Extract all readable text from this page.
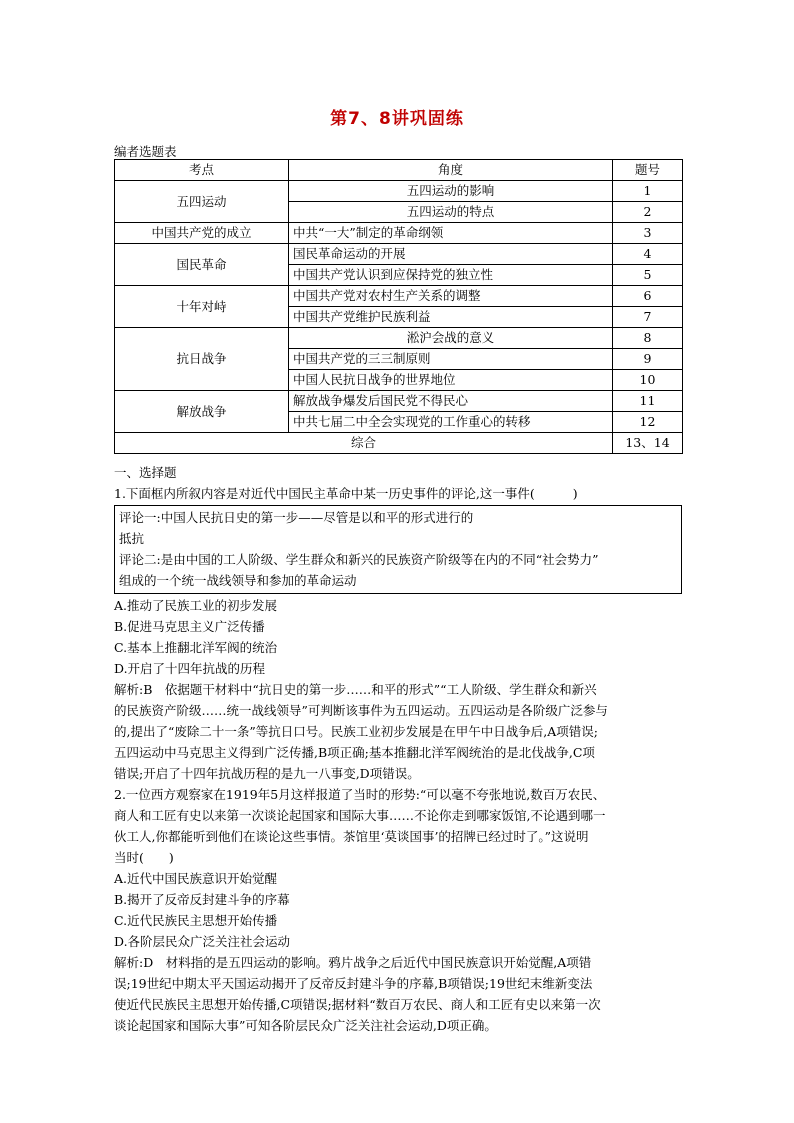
第7、8讲巩固练
编者选题表
考点	角度	题号
五四运动	五四运动的影响	1
	五四运动的特点	2
中国共产党的成立	中共“一大”制定的革命纲领	3
国民革命	国民革命运动的开展	4
	中国共产党认识到应保持党的独立性	5
十年对峙	中国共产党对农村生产关系的调整	6
	中国共产党维护民族利益	7
抗日战争	淞沪会战的意义	8
	中国共产党的三三制原则	9
	中国人民抗日战争的世界地位	10
解放战争	解放战争爆发后国民党不得民心	11
	中共七届二中全会实现党的工作重心的转移	12
综合		13、14

一、选择题

1.下面框内所叙内容是对近代中国民主革命中某一历史事件的评论,这一事件(	)

评论一:中国人民抗日史的第一步——尽管是以和平的形式进行的

抵抗

评论二:是由中国的工人阶级、学生群众和新兴的民族资产阶级等在内的不同“社会势力”

组成的一个统一战线领导和参加的革命运动

A.推动了民族工业的初步发展

B.促进马克思主义广泛传播

C.基本上推翻北洋军阀的统治

D.开启了十四年抗战的历程

解析:B　依据题干材料中“抗日史的第一步……和平的形式”“工人阶级、学生群众和新兴

的民族资产阶级……统一战线领导”可判断该事件为五四运动。五四运动是各阶级广泛参与

的,提出了“废除二十一条”等抗日口号。民族工业初步发展是在甲午中日战争后,A项错误;

五四运动中马克思主义得到广泛传播,B项正确;基本推翻北洋军阀统治的是北伐战争,C项

错误;开启了十四年抗战历程的是九一八事变,D项错误。

2.一位西方观察家在1919年5月这样报道了当时的形势:“可以毫不夸张地说,数百万农民、

商人和工匠有史以来第一次谈论起国家和国际大事……不论你走到哪家饭馆,不论遇到哪一

伙工人,你都能听到他们在谈论这些事情。茶馆里‘莫谈国事’的招牌已经过时了。”这说明

当时(　　)

A.近代中国民族意识开始觉醒

B.揭开了反帝反封建斗争的序幕

C.近代民族民主思想开始传播

D.各阶层民众广泛关注社会运动

解析:D　材料指的是五四运动的影响。鸦片战争之后近代中国民族意识开始觉醒,A项错

误;19世纪中期太平天国运动揭开了反帝反封建斗争的序幕,B项错误;19世纪末维新变法

使近代民族民主思想开始传播,C项错误;据材料“数百万农民、商人和工匠有史以来第一次

谈论起国家和国际大事”可知各阶层民众广泛关注社会运动,D项正确。
